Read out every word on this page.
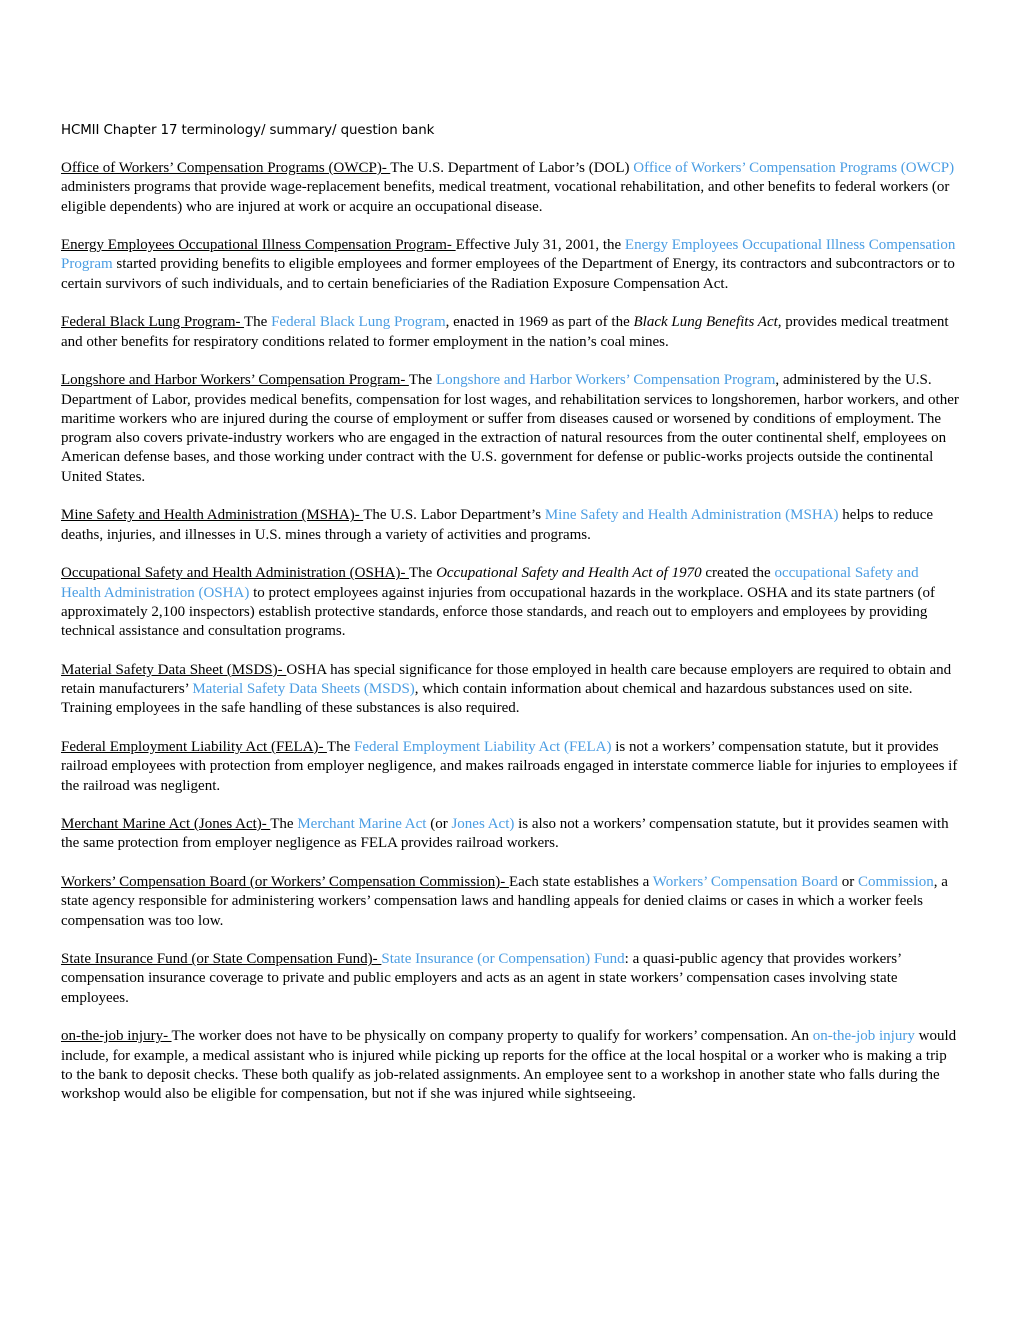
HCMII Chapter 17 terminology/ summary/ question bank

Office of Workers’ Compensation Programs (OWCP)- The U.S. Department of Labor’s (DOL) Office of Workers’ Compensation Programs (OWCP) administers programs that provide wage-replacement benefits, medical treatment, vocational rehabilitation, and other benefits to federal workers (or eligible dependents) who are injured at work or acquire an occupational disease.

Energy Employees Occupational Illness Compensation Program- Effective July 31, 2001, the Energy Employees Occupational Illness Compensation Program started providing benefits to eligible employees and former employees of the Department of Energy, its contractors and subcontractors or to certain survivors of such individuals, and to certain beneficiaries of the Radiation Exposure Compensation Act.

Federal Black Lung Program- The Federal Black Lung Program, enacted in 1969 as part of the Black Lung Benefits Act, provides medical treatment and other benefits for respiratory conditions related to former employment in the nation’s coal mines.

Longshore and Harbor Workers’ Compensation Program- The Longshore and Harbor Workers’ Compensation Program, administered by the U.S. Department of Labor, provides medical benefits, compensation for lost wages, and rehabilitation services to longshoremen, harbor workers, and other maritime workers who are injured during the course of employment or suffer from diseases caused or worsened by conditions of employment. The program also covers private-industry workers who are engaged in the extraction of natural resources from the outer continental shelf, employees on American defense bases, and those working under contract with the U.S. government for defense or public-works projects outside the continental United States.

Mine Safety and Health Administration (MSHA)- The U.S. Labor Department’s Mine Safety and Health Administration (MSHA) helps to reduce deaths, injuries, and illnesses in U.S. mines through a variety of activities and programs.

Occupational Safety and Health Administration (OSHA)- The Occupational Safety and Health Act of 1970 created the occupational Safety and Health Administration (OSHA) to protect employees against injuries from occupational hazards in the workplace. OSHA and its state partners (of approximately 2,100 inspectors) establish protective standards, enforce those standards, and reach out to employers and employees by providing technical assistance and consultation programs.

Material Safety Data Sheet (MSDS)- OSHA has special significance for those employed in health care because employers are required to obtain and retain manufacturers’ Material Safety Data Sheets (MSDS), which contain information about chemical and hazardous substances used on site. Training employees in the safe handling of these substances is also required.

Federal Employment Liability Act (FELA)- The Federal Employment Liability Act (FELA) is not a workers’ compensation statute, but it provides railroad employees with protection from employer negligence, and makes railroads engaged in interstate commerce liable for injuries to employees if the railroad was negligent.

Merchant Marine Act (Jones Act)- The Merchant Marine Act (or Jones Act) is also not a workers’ compensation statute, but it provides seamen with the same protection from employer negligence as FELA provides railroad workers.

Workers’ Compensation Board (or Workers’ Compensation Commission)- Each state establishes a Workers’ Compensation Board or Commission, a state agency responsible for administering workers’ compensation laws and handling appeals for denied claims or cases in which a worker feels compensation was too low.

State Insurance Fund (or State Compensation Fund)- State Insurance (or Compensation) Fund: a quasi-public agency that provides workers’ compensation insurance coverage to private and public employers and acts as an agent in state workers’ compensation cases involving state employees.

on-the-job injury- The worker does not have to be physically on company property to qualify for workers’ compensation. An on-the-job injury would include, for example, a medical assistant who is injured while picking up reports for the office at the local hospital or a worker who is making a trip to the bank to deposit checks. These both qualify as job-related assignments. An employee sent to a workshop in another state who falls during the workshop would also be eligible for compensation, but not if she was injured while sightseeing.
